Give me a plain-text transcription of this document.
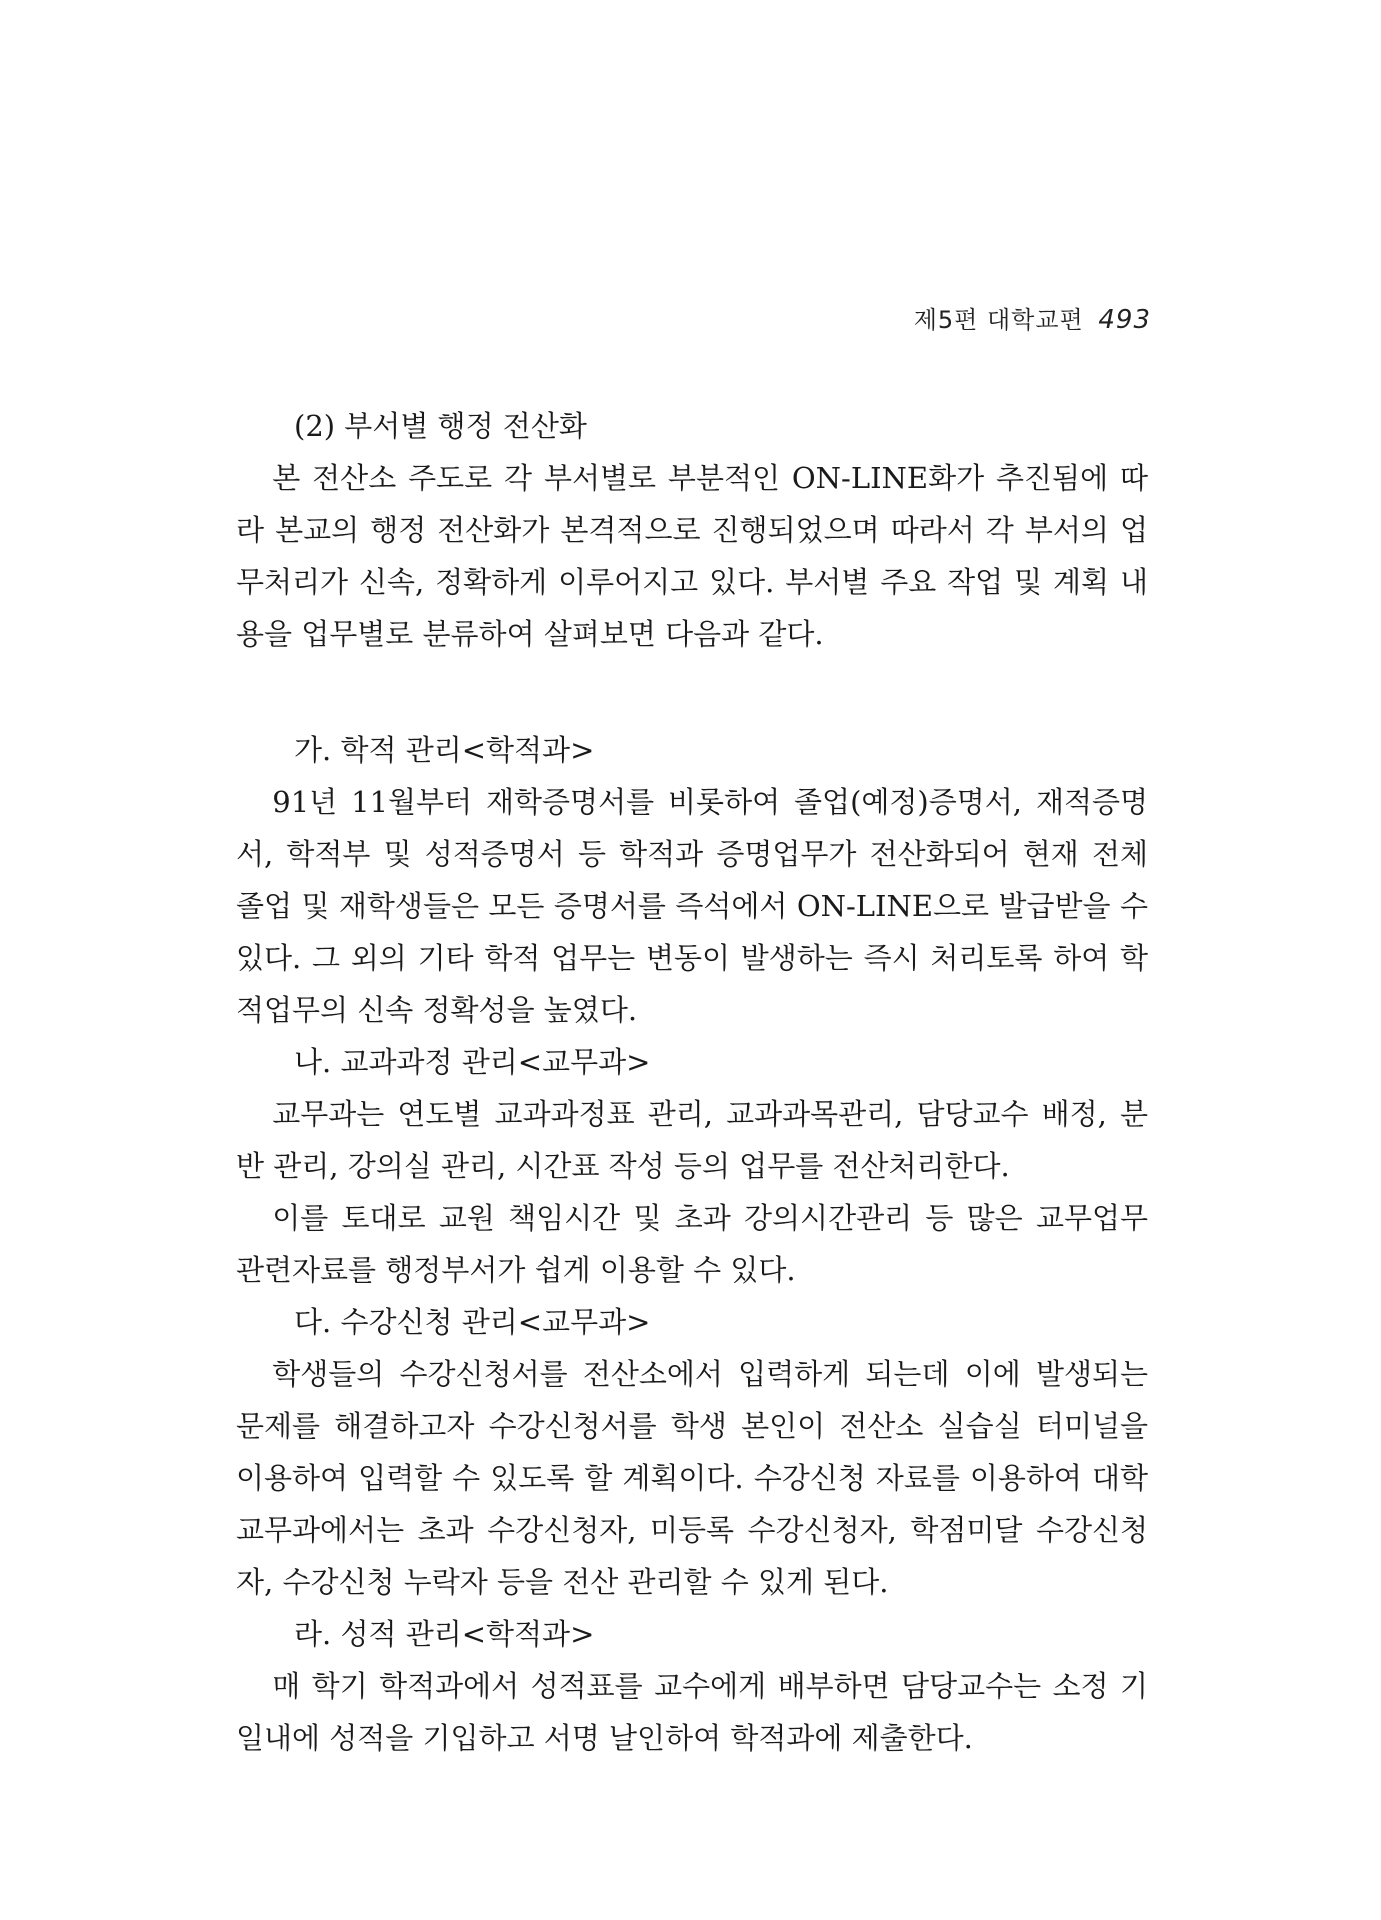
제5편 대학교편 493

(2) 부서별 행정 전산화

본 전산소 주도로 각 부서별로 부분적인 ON-LINE화가 추진됨에 따라 본교의 행정 전산화가 본격적으로 진행되었으며 따라서 각 부서의 업무처리가 신속, 정확하게 이루어지고 있다. 부서별 주요 작업 및 계획 내용을 업무별로 분류하여 살펴보면 다음과 같다.

가. 학적 관리<학적과>

91년 11월부터 재학증명서를 비롯하여 졸업(예정)증명서, 재적증명서, 학적부 및 성적증명서 등 학적과 증명업무가 전산화되어 현재 전체 졸업 및 재학생들은 모든 증명서를 즉석에서 ON-LINE으로 발급받을 수 있다. 그 외의 기타 학적 업무는 변동이 발생하는 즉시 처리토록 하여 학적업무의 신속 정확성을 높였다.

나. 교과과정 관리<교무과>

교무과는 연도별 교과과정표 관리, 교과과목관리, 담당교수 배정, 분반 관리, 강의실 관리, 시간표 작성 등의 업무를 전산처리한다.

이를 토대로 교원 책임시간 및 초과 강의시간관리 등 많은 교무업무 관련자료를 행정부서가 쉽게 이용할 수 있다.

다. 수강신청 관리<교무과>

학생들의 수강신청서를 전산소에서 입력하게 되는데 이에 발생되는 문제를 해결하고자 수강신청서를 학생 본인이 전산소 실습실 터미널을 이용하여 입력할 수 있도록 할 계획이다. 수강신청 자료를 이용하여 대학 교무과에서는 초과 수강신청자, 미등록 수강신청자, 학점미달 수강신청자, 수강신청 누락자 등을 전산 관리할 수 있게 된다.

라. 성적 관리<학적과>

매 학기 학적과에서 성적표를 교수에게 배부하면 담당교수는 소정 기일내에 성적을 기입하고 서명 날인하여 학적과에 제출한다.
